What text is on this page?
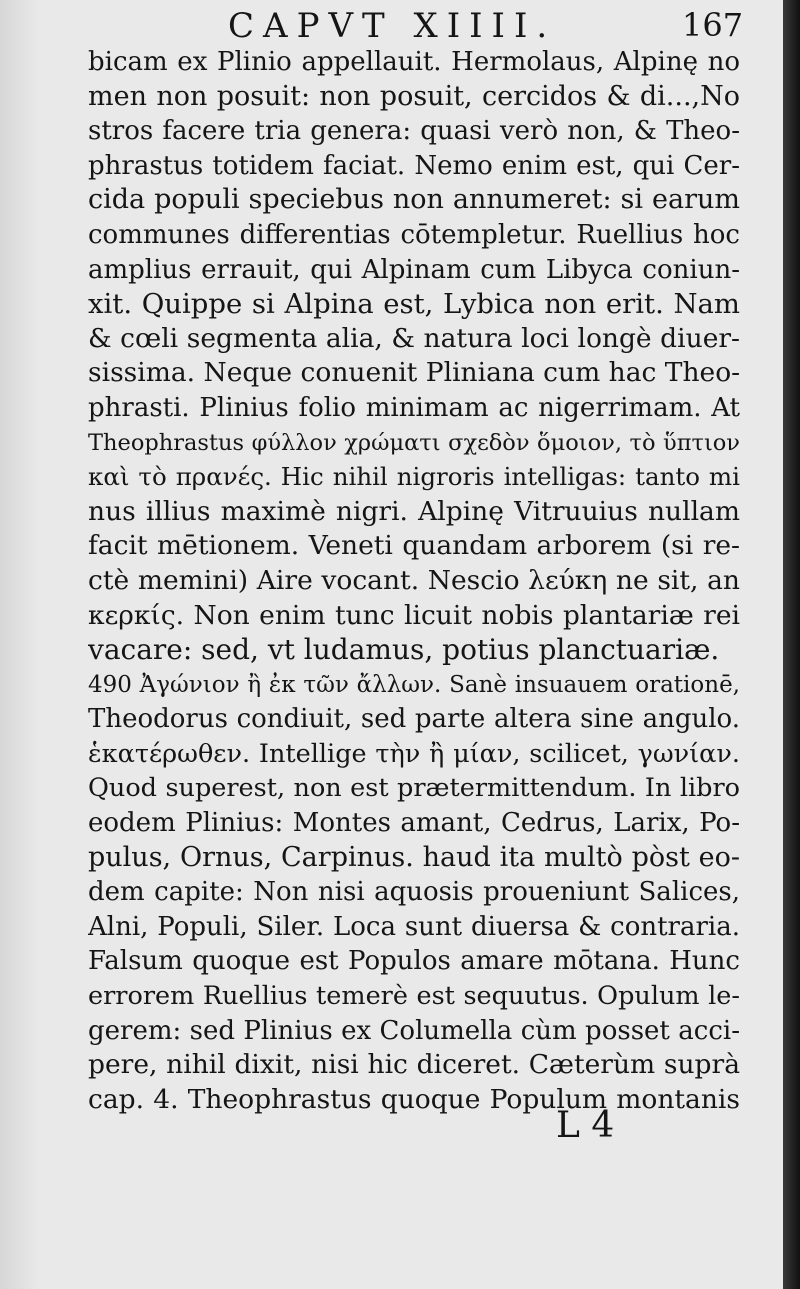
CAPVT XIIII.	167
bicam ex Plinio appellauit. Hermolaus, Alpinę no
men non posuit: non posuit, cercidos & di...,No
stros facere tria genera: quasi verò non, & Theo-
phrastus totidem faciat. Nemo enim est, qui Cer-
cida populi speciebus non annumeret: si earum
communes differentias cōtempletur. Ruellius hoc
amplius errauit, qui Alpinam cum Libyca coniun-
xit. Quippe si Alpina est, Lybica non erit. Nam
& cœli segmenta alia, & natura loci longè diuer-
sissima. Neque conuenit Pliniana cum hac Theo-
phrasti. Plinius folio minimam ac nigerrimam. At
Theophrastus φύλλον χρώματι σχεδὸν ὅμοιον, τὸ ὕπτιον
καὶ τὸ πρανές. Hic nihil nigroris intelligas: tanto mi
nus illius maximè nigri. Alpinę Vitruuius nullam
facit mētionem. Veneti quandam arborem (si re-
ctè memini) Aire vocant. Nescio λεύκη ne sit, an
κερκίς. Non enim tunc licuit nobis plantariæ rei
vacare: sed, vt ludamus, potius planctuariæ.
490 Ἀγώνιον ἢ ἐκ τῶν ἄλλων. Sanè insuauem orationē,
Theodorus condiuit, sed parte altera sine angulo.
ἑκατέρωθεν. Intellige τὴν ἢ μίαν, scilicet, γωνίαν.
Quod superest, non est prætermittendum. In libro
eodem Plinius: Montes amant, Cedrus, Larix, Po-
pulus, Ornus, Carpinus. haud ita multò pòst eo-
dem capite: Non nisi aquosis proueniunt Salices,
Alni, Populi, Siler. Loca sunt diuersa & contraria.
Falsum quoque est Populos amare mōtana. Hunc
errorem Ruellius temerè est sequutus. Opulum le-
gerem: sed Plinius ex Columella cùm posset acci-
pere, nihil dixit, nisi hic diceret. Cæterùm suprà
cap. 4. Theophrastus quoque Populum montanis
L 4
